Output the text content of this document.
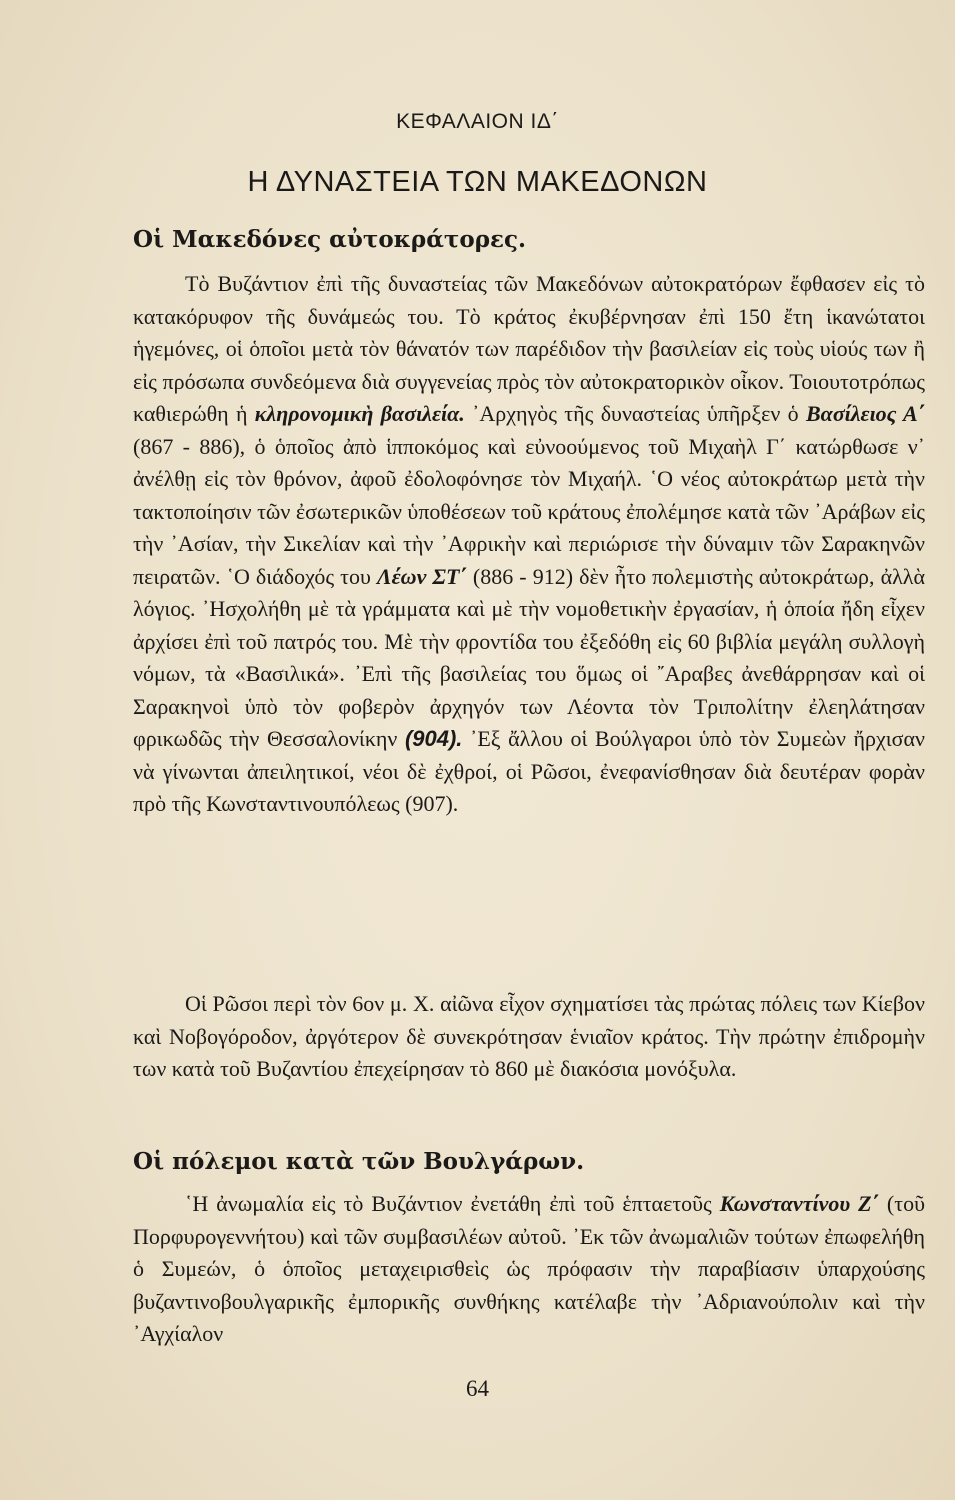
ΚΕΦΑΛΑΙΟΝ ΙΔ΄
Η ΔΥΝΑΣΤΕΙΑ ΤΩΝ ΜΑΚΕΔΟΝΩΝ
Οἱ Μακεδόνες αὐτοκράτορες.

Τὸ Βυζάντιον ἐπὶ τῆς δυναστείας τῶν Μακεδόνων αὐτοκρατόρων ἔφθασεν εἰς τὸ κατακόρυφον τῆς δυνάμεώς του. Τὸ κράτος ἐκυβέρνησαν ἐπὶ 150 ἔτη ἱκανώτατοι ἡγεμόνες, οἱ ὁποῖοι μετὰ τὸν θάνατόν των παρέδιδον τὴν βασιλείαν εἰς τοὺς υἱούς των ἢ εἰς πρόσωπα συνδεόμενα διὰ συγγενείας πρὸς τὸν αὐτοκρατορικὸν οἶκον. Τοιουτοτρόπως καθιερώθη ἡ κληρονομικὴ βασιλεία. ᾿Αρχηγὸς τῆς δυναστείας ὑπῆρξεν ὁ Βασίλειος Α΄ (867 - 886), ὁ ὁποῖος ἀπὸ ἱπποκόμος καὶ εὐνοούμενος τοῦ Μιχαὴλ Γ΄ κατώρθωσε ν᾿ ἀνέλθῃ εἰς τὸν θρόνον, ἀφοῦ ἐδολοφόνησε τὸν Μιχαήλ. ῾Ο νέος αὐτοκράτωρ μετὰ τὴν τακτοποίησιν τῶν ἐσωτερικῶν ὑποθέσεων τοῦ κράτους ἐπολέμησε κατὰ τῶν ᾿Αράβων εἰς τὴν ᾿Ασίαν, τὴν Σικελίαν καὶ τὴν ᾿Αφρικὴν καὶ περιώρισε τὴν δύναμιν τῶν Σαρακηνῶν πειρατῶν. ῾Ο διάδοχός του Λέων ΣΤ΄ (886 - 912) δὲν ἦτο πολεμιστὴς αὐτοκράτωρ, ἀλλὰ λόγιος. ᾿Ησχολήθη μὲ τὰ γράμματα καὶ μὲ τὴν νομοθετικὴν ἐργασίαν, ἡ ὁποία ἤδη εἶχεν ἀρχίσει ἐπὶ τοῦ πατρός του. Μὲ τὴν φροντίδα του ἐξεδόθη εἰς 60 βιβλία μεγάλη συλλογὴ νόμων, τὰ «Βασιλικά». ᾿Επὶ τῆς βασιλείας του ὅμως οἱ ῎Αραβες ἀνεθάρρησαν καὶ οἱ Σαρακηνοὶ ὑπὸ τὸν φοβερὸν ἀρχηγόν των Λέοντα τὸν Τριπολίτην ἐλεηλάτησαν φρικωδῶς τὴν Θεσσαλονίκην (904). ᾿Εξ ἄλλου οἱ Βούλγαροι ὑπὸ τὸν Συμεὼν ἤρχισαν νὰ γίνωνται ἀπειλητικοί, νέοι δὲ ἐχθροί, οἱ Ρῶσοι, ἐνεφανίσθησαν διὰ δευτέραν φορὰν πρὸ τῆς Κωνσταντινουπόλεως (907).

Οἱ Ρῶσοι περὶ τὸν 6ον μ. Χ. αἰῶνα εἶχον σχηματίσει τὰς πρώτας πόλεις των Κίεβον καὶ Νοβογόροδον, ἀργότερον δὲ συνεκρότησαν ἑνιαῖον κράτος. Τὴν πρώτην ἐπιδρομὴν των κατὰ τοῦ Βυζαντίου ἐπεχείρησαν τὸ 860 μὲ διακόσια μονόξυλα.

Οἱ πόλεμοι κατὰ τῶν Βουλγάρων.

῾Η ἀνωμαλία εἰς τὸ Βυζάντιον ἐνετάθη ἐπὶ τοῦ ἑπταετοῦς Κωνσταντίνου Ζ΄ (τοῦ Πορφυρογεννήτου) καὶ τῶν συμβασιλέων αὐτοῦ. ᾿Εκ τῶν ἀνωμαλιῶν τούτων ἐπωφελήθη ὁ Συμεών, ὁ ὁποῖος μεταχειρισθεὶς ὡς πρόφασιν τὴν παραβίασιν ὑπαρχούσης βυζαντινοβουλγαρικῆς ἐμπορικῆς συνθήκης κατέλαβε τὴν ᾿Αδριανούπολιν καὶ τὴν ᾿Αγχίαλον

64
